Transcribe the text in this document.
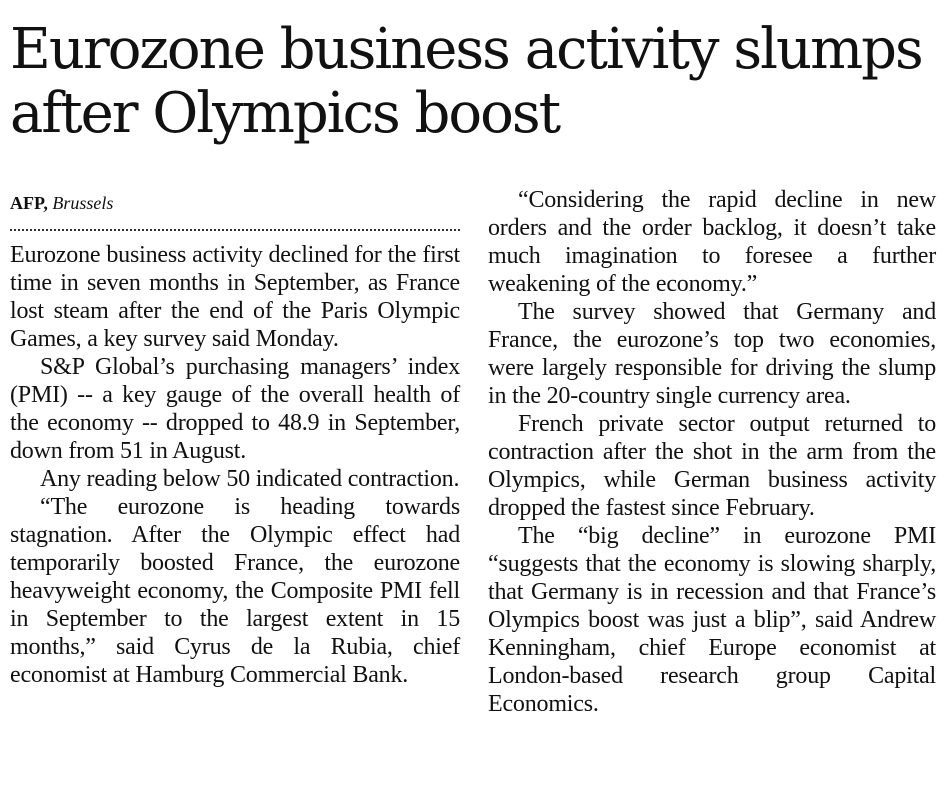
Eurozone business activity slumps after Olympics boost
AFP, Brussels

Eurozone business activity declined for the first time in seven months in September, as France lost steam after the end of the Paris Olympic Games, a key survey said Monday.

S&P Global’s purchasing managers’ index (PMI) -- a key gauge of the overall health of the economy -- dropped to 48.9 in September, down from 51 in August.

Any reading below 50 indicated contraction.

“The eurozone is heading towards stagnation. After the Olympic effect had temporarily boosted France, the eurozone heavyweight economy, the Composite PMI fell in September to the largest extent in 15 months,” said Cyrus de la Rubia, chief economist at Hamburg Commercial Bank.

“Considering the rapid decline in new orders and the order backlog, it doesn’t take much imagination to foresee a further weakening of the economy.”

The survey showed that Germany and France, the eurozone’s top two economies, were largely responsible for driving the slump in the 20-country single currency area.

French private sector output returned to contraction after the shot in the arm from the Olympics, while German business activity dropped the fastest since February.

The “big decline” in eurozone PMI “suggests that the economy is slowing sharply, that Germany is in recession and that France’s Olympics boost was just a blip”, said Andrew Kenningham, chief Europe economist at London-based research group Capital Economics.
